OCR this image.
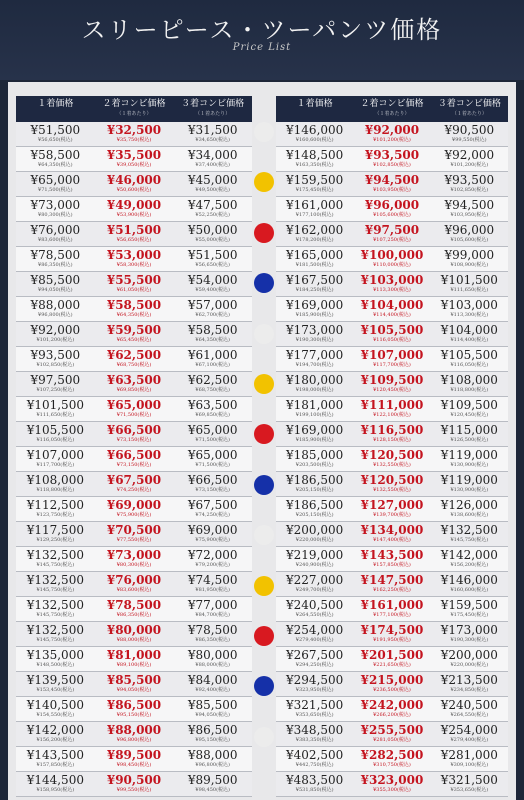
スリーピース・ツーパンツ価格
Price List
１着価格	２着コンビ価格
（１着あたり）
３着コンビ価格
（１着あたり）
¥51,500
¥56,650(税込)
¥32,500
¥35,750(税込)
¥31,500
¥34,650(税込)
¥58,500
¥64,350(税込)
¥35,500
¥39,050(税込)
¥34,000
¥37,400(税込)
¥65,000
¥71,500(税込)
¥46,000
¥50,600(税込)
¥45,000
¥49,500(税込)
¥73,000
¥80,300(税込)
¥49,000
¥53,900(税込)
¥47,500
¥52,250(税込)
¥76,000
¥83,600(税込)
¥51,500
¥56,650(税込)
¥50,000
¥55,000(税込)
¥78,500
¥86,350(税込)
¥53,000
¥58,300(税込)
¥51,500
¥56,650(税込)
¥85,500
¥94,050(税込)
¥55,500
¥61,050(税込)
¥54,000
¥59,400(税込)
¥88,000
¥96,800(税込)
¥58,500
¥64,350(税込)
¥57,000
¥62,700(税込)
¥92,000
¥101,200(税込)
¥59,500
¥65,450(税込)
¥58,500
¥64,350(税込)
¥93,500
¥102,850(税込)
¥62,500
¥68,750(税込)
¥61,000
¥67,100(税込)
¥97,500
¥107,250(税込)
¥63,500
¥69,850(税込)
¥62,500
¥68,750(税込)
¥101,500
¥111,650(税込)
¥65,000
¥71,500(税込)
¥63,500
¥69,850(税込)
¥105,500
¥116,050(税込)
¥66,500
¥73,150(税込)
¥65,000
¥71,500(税込)
¥107,000
¥117,700(税込)
¥66,500
¥73,150(税込)
¥65,000
¥71,500(税込)
¥108,000
¥118,800(税込)
¥67,500
¥74,250(税込)
¥66,500
¥73,150(税込)
¥112,500
¥123,750(税込)
¥69,000
¥75,900(税込)
¥67,500
¥74,250(税込)
¥117,500
¥129,250(税込)
¥70,500
¥77,550(税込)
¥69,000
¥75,900(税込)
¥132,500
¥145,750(税込)
¥73,000
¥80,300(税込)
¥72,000
¥79,200(税込)
¥132,500
¥145,750(税込)
¥76,000
¥83,600(税込)
¥74,500
¥81,950(税込)
¥132,500
¥145,750(税込)
¥78,500
¥86,350(税込)
¥77,000
¥84,700(税込)
¥132,500
¥145,750(税込)
¥80,000
¥88,000(税込)
¥78,500
¥86,350(税込)
¥135,000
¥148,500(税込)
¥81,000
¥89,100(税込)
¥80,000
¥88,000(税込)
¥139,500
¥153,450(税込)
¥85,500
¥94,050(税込)
¥84,000
¥92,400(税込)
¥140,500
¥154,550(税込)
¥86,500
¥95,150(税込)
¥85,500
¥94,050(税込)
¥142,000
¥156,200(税込)
¥88,000
¥96,800(税込)
¥86,500
¥95,150(税込)
¥143,500
¥157,850(税込)
¥89,500
¥98,450(税込)
¥88,000
¥96,800(税込)
¥144,500
¥158,950(税込)
¥90,500
¥99,550(税込)
¥89,500
¥98,450(税込)
１着価格	２着コンビ価格
（１着あたり）
３着コンビ価格
（１着あたり）
¥146,000
¥160,600(税込)
¥92,000
¥101,200(税込)
¥90,500
¥99,550(税込)
¥148,500
¥163,350(税込)
¥93,500
¥102,850(税込)
¥92,000
¥101,200(税込)
¥159,500
¥175,450(税込)
¥94,500
¥103,950(税込)
¥93,500
¥102,850(税込)
¥161,000
¥177,100(税込)
¥96,000
¥105,600(税込)
¥94,500
¥103,950(税込)
¥162,000
¥178,200(税込)
¥97,500
¥107,250(税込)
¥96,000
¥105,600(税込)
¥165,000
¥181,500(税込)
¥100,000
¥110,000(税込)
¥99,000
¥108,900(税込)
¥167,500
¥184,250(税込)
¥103,000
¥113,300(税込)
¥101,500
¥111,650(税込)
¥169,000
¥185,900(税込)
¥104,000
¥114,400(税込)
¥103,000
¥113,300(税込)
¥173,000
¥190,300(税込)
¥105,500
¥116,050(税込)
¥104,000
¥114,400(税込)
¥177,000
¥194,700(税込)
¥107,000
¥117,700(税込)
¥105,500
¥116,050(税込)
¥180,000
¥198,000(税込)
¥109,500
¥120,450(税込)
¥108,000
¥118,800(税込)
¥181,000
¥199,100(税込)
¥111,000
¥122,100(税込)
¥109,500
¥120,450(税込)
¥169,000
¥185,900(税込)
¥116,500
¥128,150(税込)
¥115,000
¥126,500(税込)
¥185,000
¥203,500(税込)
¥120,500
¥132,550(税込)
¥119,000
¥130,900(税込)
¥186,500
¥205,150(税込)
¥120,500
¥132,550(税込)
¥119,000
¥130,900(税込)
¥186,500
¥205,150(税込)
¥127,000
¥139,700(税込)
¥126,000
¥138,600(税込)
¥200,000
¥220,000(税込)
¥134,000
¥147,400(税込)
¥132,500
¥145,750(税込)
¥219,000
¥240,900(税込)
¥143,500
¥157,850(税込)
¥142,000
¥156,200(税込)
¥227,000
¥249,700(税込)
¥147,500
¥162,250(税込)
¥146,000
¥160,600(税込)
¥240,500
¥264,550(税込)
¥161,000
¥177,100(税込)
¥159,500
¥175,450(税込)
¥254,000
¥279,400(税込)
¥174,500
¥191,950(税込)
¥173,000
¥190,300(税込)
¥267,500
¥294,250(税込)
¥201,500
¥221,650(税込)
¥200,000
¥220,000(税込)
¥294,500
¥323,950(税込)
¥215,000
¥236,500(税込)
¥213,500
¥234,850(税込)
¥321,500
¥353,650(税込)
¥242,000
¥266,200(税込)
¥240,500
¥264,550(税込)
¥348,500
¥383,350(税込)
¥255,500
¥281,050(税込)
¥254,000
¥279,400(税込)
¥402,500
¥442,750(税込)
¥282,500
¥310,750(税込)
¥281,000
¥309,100(税込)
¥483,500
¥531,850(税込)
¥323,000
¥355,300(税込)
¥321,500
¥353,650(税込)
